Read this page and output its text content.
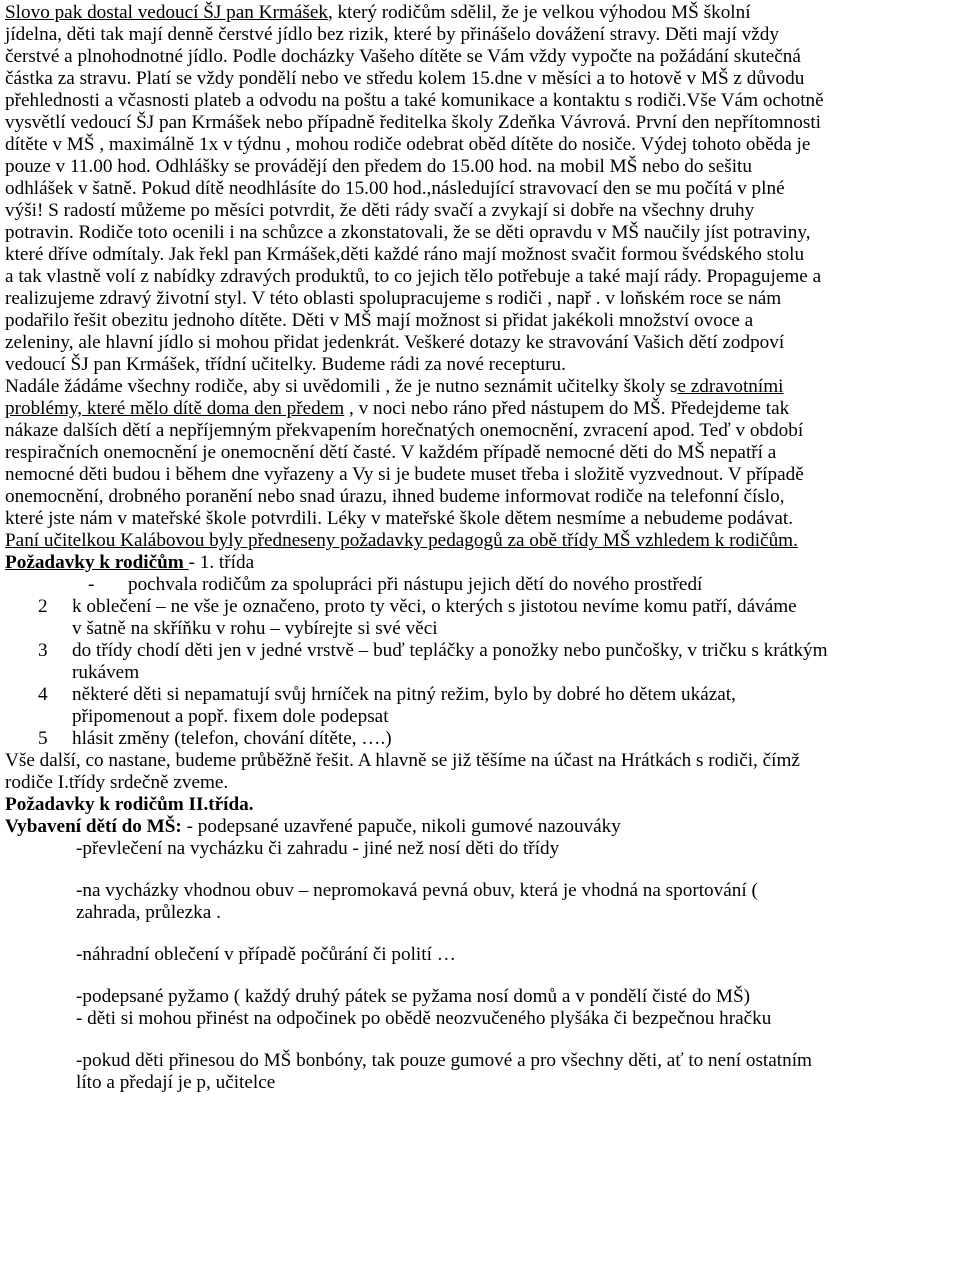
Slovo pak dostal vedoucí ŠJ pan Krmášek, který rodičům sdělil, že je velkou výhodou MŠ školní
jídelna, děti tak mají denně čerstvé jídlo bez rizik, které by přinášelo dovážení stravy. Děti mají vždy
čerstvé a plnohodnotné jídlo. Podle docházky Vašeho dítěte se Vám vždy vypočte na požádání skutečná
částka za stravu. Platí se vždy pondělí nebo ve středu kolem 15.dne v měsíci a to hotově v MŠ z důvodu
přehlednosti a včasnosti plateb a odvodu na poštu a také komunikace a kontaktu s rodiči.Vše Vám ochotně
vysvětlí vedoucí ŠJ pan Krmášek nebo případně ředitelka školy Zdeňka Vávrová. První den nepřítomnosti
dítěte v MŠ , maximálně 1x v týdnu , mohou rodiče odebrat oběd dítěte do nosiče. Výdej tohoto oběda je
pouze v 11.00 hod. Odhlášky se provádějí den předem do 15.00 hod. na mobil MŠ nebo do sešitu
odhlášek v šatně. Pokud dítě neodhlásíte do 15.00 hod.,následující stravovací den se mu počítá v plné
výši! S radostí můžeme po měsíci potvrdit, že děti rády svačí a zvykají si dobře na všechny druhy
potravin. Rodiče toto ocenili i na schůzce a zkonstatovali, že se děti opravdu v MŠ naučily jíst potraviny,
které dříve odmítaly. Jak řekl pan Krmášek,děti každé ráno mají možnost svačit formou švédského stolu
a tak vlastně volí z nabídky zdravých produktů, to co jejich tělo potřebuje a také mají rády. Propagujeme a
realizujeme zdravý životní styl. V této oblasti spolupracujeme s rodiči , např . v loňském roce se nám
podařilo řešit obezitu jednoho dítěte. Děti v MŠ mají možnost si přidat jakékoli množství ovoce a
zeleniny, ale hlavní jídlo si mohou přidat jedenkrát. Veškeré dotazy ke stravování Vašich dětí zodpoví
vedoucí ŠJ pan Krmášek, třídní učitelky. Budeme rádi za nové recepturu.
Nadále žádáme všechny rodiče, aby si uvědomili , že je nutno seznámit učitelky školy se zdravotními
problémy, které mělo dítě doma den předem , v noci nebo ráno před nástupem do MŠ. Předejdeme tak
nákaze dalších dětí a nepříjemným překvapením horečnatých onemocnění, zvracení apod. Teď v období
respiračních onemocnění je onemocnění dětí časté. V každém případě nemocné děti do MŠ nepatří a
nemocné děti budou i během dne vyřazeny a Vy si je budete muset třeba i složitě vyzvednout. V případě
onemocnění, drobného poranění nebo snad úrazu, ihned budeme informovat rodiče na telefonní číslo,
které jste nám v mateřské škole potvrdili. Léky v mateřské škole dětem nesmíme a nebudeme podávat.
Paní učitelkou Kalábovou byly předneseny požadavky pedagogů za obě třídy MŠ vzhledem k rodičům.
Požadavky k rodičům - 1. třída
- pochvala rodičům za spolupráci při nástupu jejich dětí do nového prostředí
2 k oblečení – ne vše je označeno, proto ty věci, o kterých s jistotou nevíme komu patří, dáváme
v šatně na skříňku v rohu – vybírejte si své věci
3 do třídy chodí děti jen v jedné vrstvě – buď tepláčky a ponožky nebo punčošky, v tričku s krátkým
rukávem
4 některé děti si nepamatují svůj hrníček na pitný režim, bylo by dobré ho dětem ukázat,
připomenout a popř. fixem dole podepsat
5 hlásit změny (telefon, chování dítěte, ….)
Vše další, co nastane, budeme průběžně řešit. A hlavně se již těšíme na účast na Hrátkách s rodiči, čímž
rodiče I.třídy srdečně zveme.
Požadavky k rodičům II.třída.
Vybavení dětí do MŠ: - podepsané uzavřené papuče, nikoli gumové nazouváky
-převlečení na vycházku či zahradu - jiné než nosí děti do třídy
-na vycházky vhodnou obuv – nepromokavá pevná obuv, která je vhodná na sportování (
zahrada, průlezka .
-náhradní oblečení v případě počůrání či polití …
-podepsané pyžamo ( každý druhý pátek se pyžama nosí domů a v pondělí čisté do MŠ)
- děti si mohou přinést na odpočinek po obědě neozvučeného plyšáka či bezpečnou hračku
-pokud děti přinesou do MŠ bonbóny, tak pouze gumové a pro všechny děti, ať to není ostatním
líto a předají je p, učitelce
